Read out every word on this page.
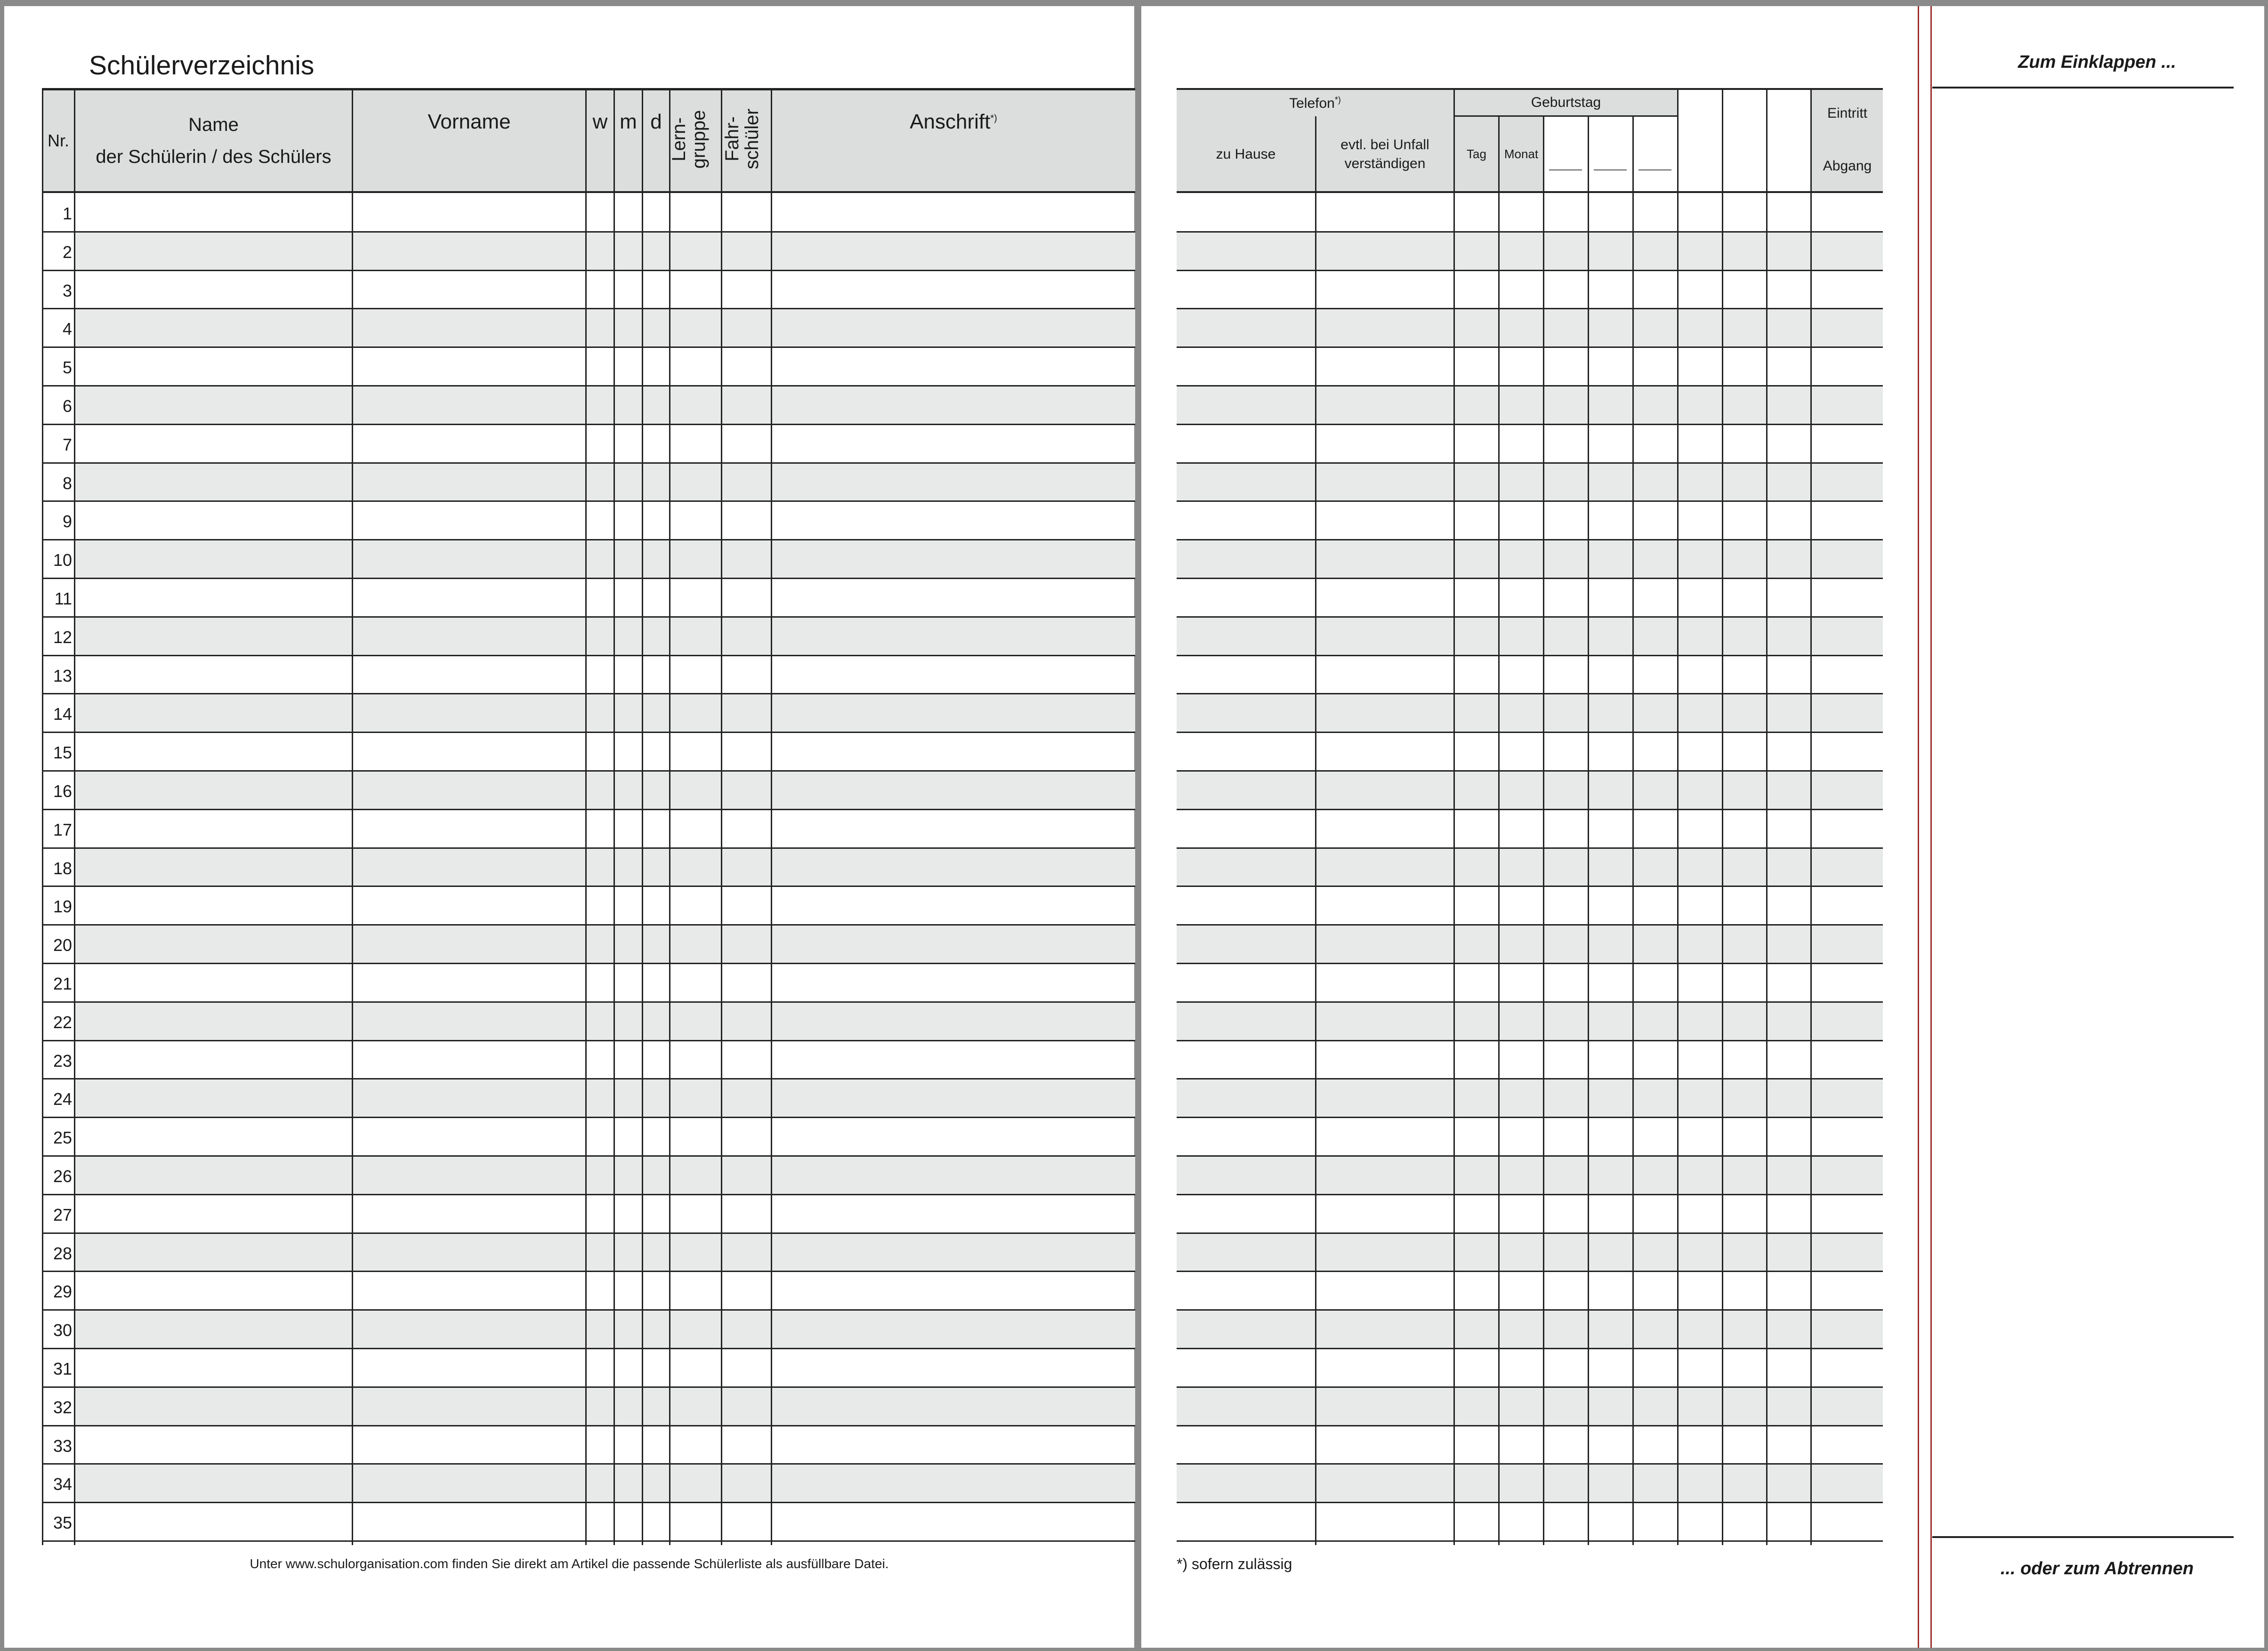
Schülerverzeichnis
Nr.
Name
der Schülerin / des Schülers
Vorname	w m d Lern-
gruppe Fahr-
schüler	Anschrift*)
1
2
3
4
5
6
7
8
9
10
11
12
13
14
15
16
17
18
19
20
21
22
23
24
25
26
27
28
29
30
31
32
33
34
35
Unter www.schulorganisation.com finden Sie direkt am Artikel die passende Schülerliste als ausfüllbare Datei.
Telefon*)
zu Hause
evtl. bei Unfall
verständigen
Geburtstag
Tag Monat
Eintritt
Abgang
Zum Einklappen ...
... oder zum Abtrennen
*) sofern zulässig
